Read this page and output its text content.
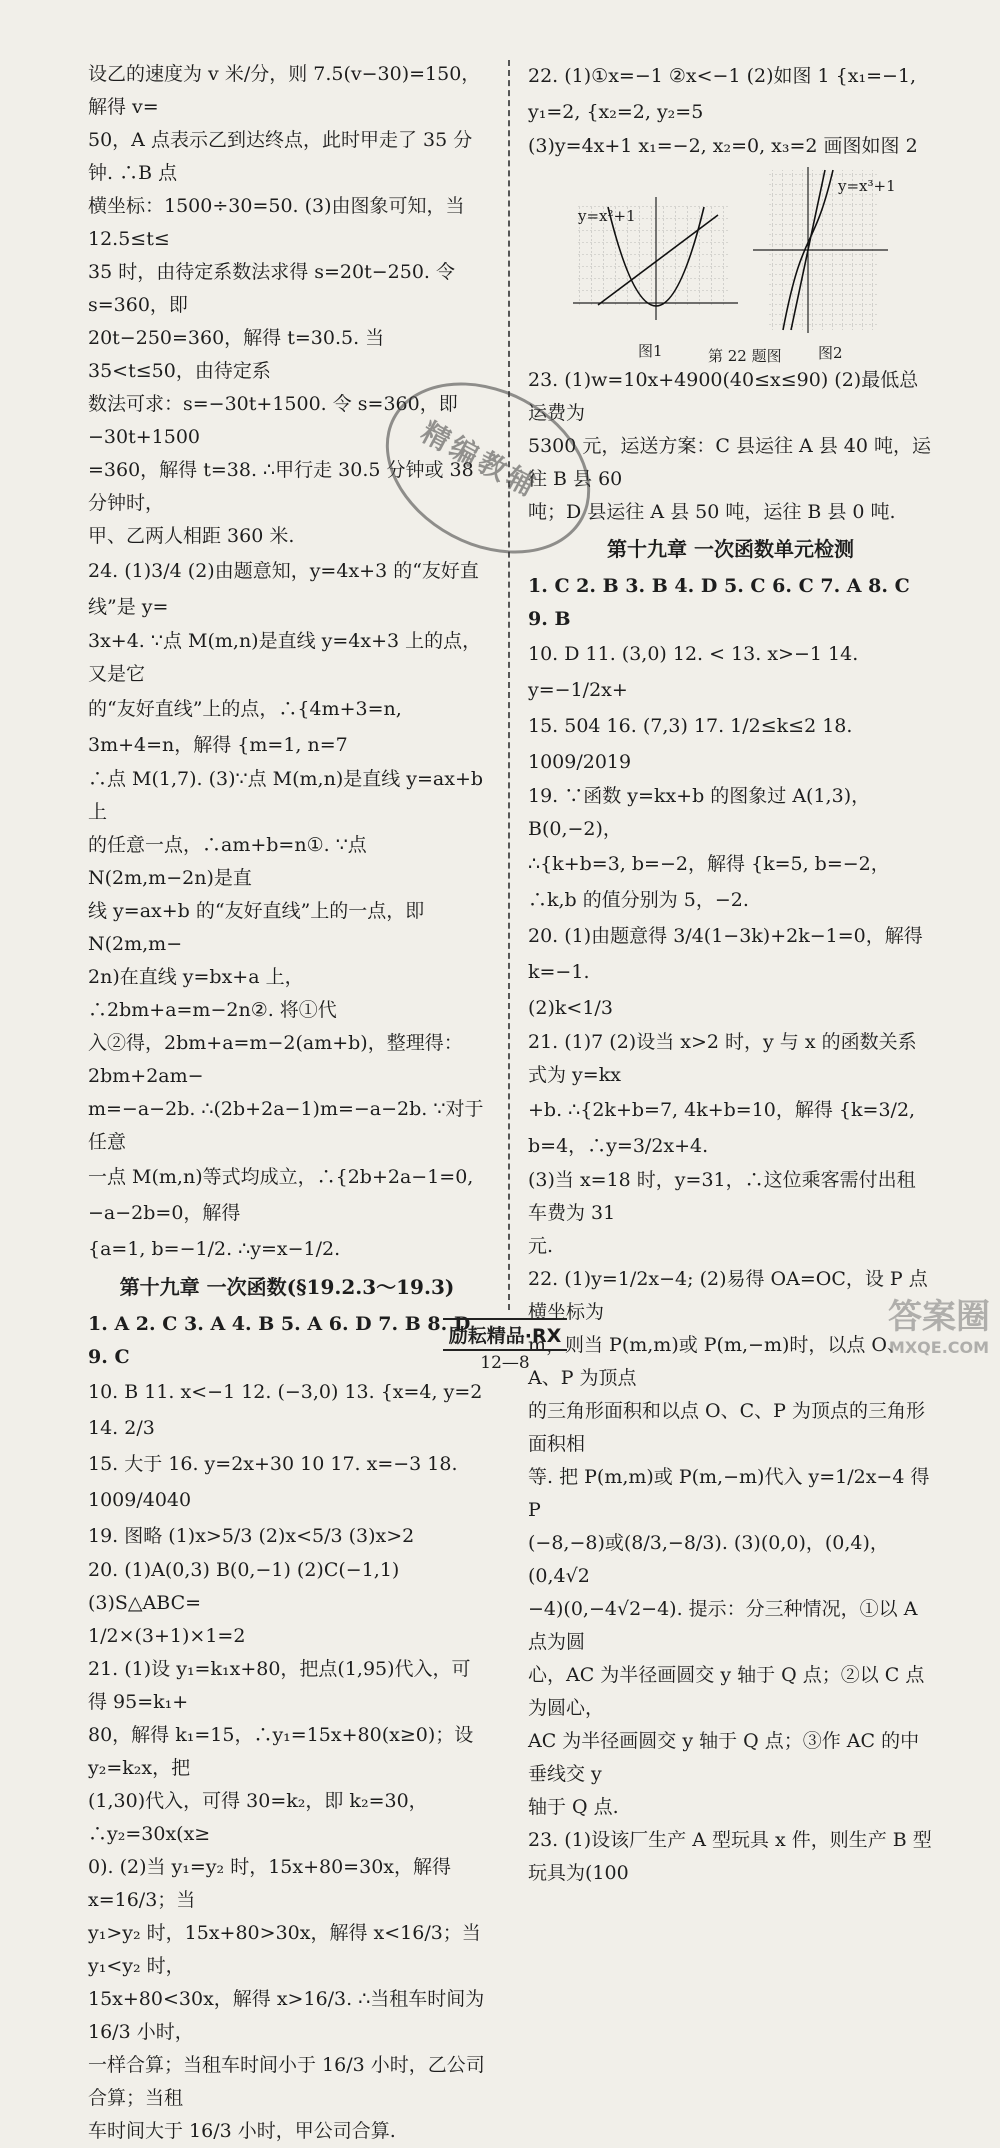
设乙的速度为 v 米/分，则 7.5(v−30)=150，解得 v=

50，A 点表示乙到达终点，此时甲走了 35 分钟. ∴B 点

横坐标：1500÷30=50. (3)由图象可知，当 12.5≤t≤

35 时，由待定系数法求得 s=20t−250. 令 s=360，即

20t−250=360，解得 t=30.5. 当 35<t≤50，由待定系

数法可求：s=−30t+1500. 令 s=360，即 −30t+1500

=360，解得 t=38. ∴甲行走 30.5 分钟或 38 分钟时，

甲、乙两人相距 360 米.

24. (1)3/4 (2)由题意知，y=4x+3 的“友好直线”是 y=

3x+4. ∵点 M(m,n)是直线 y=4x+3 上的点，又是它

的“友好直线”上的点，∴{4m+3=n, 3m+4=n，解得 {m=1, n=7

∴点 M(1,7). (3)∵点 M(m,n)是直线 y=ax+b 上

的任意一点，∴am+b=n①. ∵点 N(2m,m−2n)是直

线 y=ax+b 的“友好直线”上的一点，即 N(2m,m−

2n)在直线 y=bx+a 上，∴2bm+a=m−2n②. 将①代

入②得，2bm+a=m−2(am+b)，整理得：2bm+2am−

m=−a−2b. ∴(2b+2a−1)m=−a−2b. ∵对于任意

一点 M(m,n)等式均成立，∴{2b+2a−1=0, −a−2b=0，解得

{a=1, b=−1/2. ∴y=x−1/2.

第十九章 一次函数(§19.2.3～19.3)

1. A 2. C 3. A 4. B 5. A 6. D 7. B 8. D 9. C

10. B 11. x<−1 12. (−3,0) 13. {x=4, y=2 14. 2/3

15. 大于 16. y=2x+30 10 17. x=−3 18. 1009/4040

19. 图略 (1)x>5/3 (2)x<5/3 (3)x>2

20. (1)A(0,3) B(0,−1) (2)C(−1,1) (3)S△ABC=

1/2×(3+1)×1=2

21. (1)设 y₁=k₁x+80，把点(1,95)代入，可得 95=k₁+

80，解得 k₁=15，∴y₁=15x+80(x≥0)；设 y₂=k₂x，把

(1,30)代入，可得 30=k₂，即 k₂=30，∴y₂=30x(x≥

0). (2)当 y₁=y₂ 时，15x+80=30x，解得 x=16/3；当

y₁>y₂ 时，15x+80>30x，解得 x<16/3；当 y₁<y₂ 时，

15x+80<30x，解得 x>16/3. ∴当租车时间为 16/3 小时，

一样合算；当租车时间小于 16/3 小时，乙公司合算；当租

车时间大于 16/3 小时，甲公司合算.

22. (1)①x=−1 ②x<−1 (2)如图 1 {x₁=−1, y₁=2, {x₂=2, y₂=5

(3)y=4x+1 x₁=−2, x₂=0, x₃=2 画图如图 2

y=x²+1
图1
y=x³+1
图2
第 22 题图

23. (1)w=10x+4900(40≤x≤90) (2)最低总运费为

5300 元，运送方案：C 县运往 A 县 40 吨，运往 B 县 60

吨；D 县运往 A 县 50 吨，运往 B 县 0 吨.

第十九章 一次函数单元检测

1. C 2. B 3. B 4. D 5. C 6. C 7. A 8. C 9. B

10. D 11. (3,0) 12. < 13. x>−1 14. y=−1/2x+

15. 504 16. (7,3) 17. 1/2≤k≤2 18. 1009/2019

19. ∵函数 y=kx+b 的图象过 A(1,3)，B(0,−2)，

∴{k+b=3, b=−2，解得 {k=5, b=−2，∴k,b 的值分别为 5，−2.

20. (1)由题意得 3/4(1−3k)+2k−1=0，解得 k=−1.

(2)k<1/3

21. (1)7 (2)设当 x>2 时，y 与 x 的函数关系式为 y=kx

+b. ∴{2k+b=7, 4k+b=10，解得 {k=3/2, b=4，∴y=3/2x+4.

(3)当 x=18 时，y=31，∴这位乘客需付出租车费为 31

元.

22. (1)y=1/2x−4; (2)易得 OA=OC，设 P 点横坐标为

m，则当 P(m,m)或 P(m,−m)时，以点 O、A、P 为顶点

的三角形面积和以点 O、C、P 为顶点的三角形面积相

等. 把 P(m,m)或 P(m,−m)代入 y=1/2x−4 得 P

(−8,−8)或(8/3,−8/3). (3)(0,0)，(0,4)，(0,4√2

−4)(0,−4√2−4). 提示：分三种情况，①以 A 点为圆

心，AC 为半径画圆交 y 轴于 Q 点；②以 C 点为圆心，

AC 为半径画圆交 y 轴于 Q 点；③作 AC 的中垂线交 y

轴于 Q 点.

23. (1)设该厂生产 A 型玩具 x 件，则生产 B 型玩具为(100

精编教辅
励耘精品·RX
12—8
答案圈
MXQE.COM
